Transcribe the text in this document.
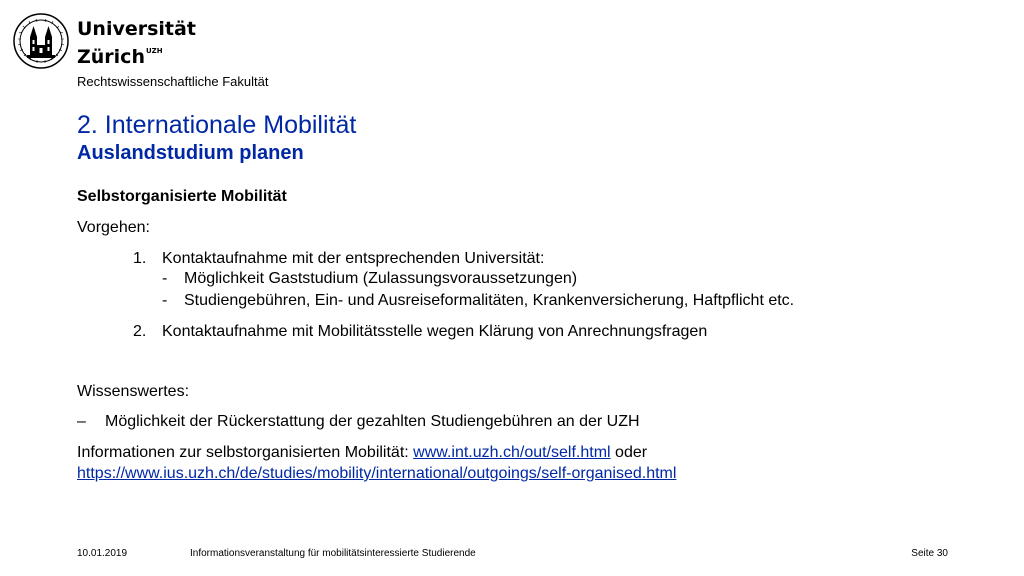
Universität
Zürich$^{UZH}$
Rechtswissenschaftliche Fakultät
2. Internationale Mobilität
Auslandstudium planen
Selbstorganisierte Mobilität
Vorgehen:
1. Kontaktaufnahme mit der entsprechenden Universität:
- Möglichkeit Gaststudium (Zulassungsvoraussetzungen)
- Studiengebühren, Ein- und Ausreiseformalitäten, Krankenversicherung, Haftpflicht etc.
2. Kontaktaufnahme mit Mobilitätsstelle wegen Klärung von Anrechnungsfragen
Wissenswertes:
– Möglichkeit der Rückerstattung der gezahlten Studiengebühren an der UZH
Informationen zur selbstorganisierten Mobilität: www.int.uzh.ch/out/self.html oder
https://www.ius.uzh.ch/de/studies/mobility/international/outgoings/self-organised.html
10.01.2019	Informationsveranstaltung für mobilitätsinteressierte Studierende	Seite 30
